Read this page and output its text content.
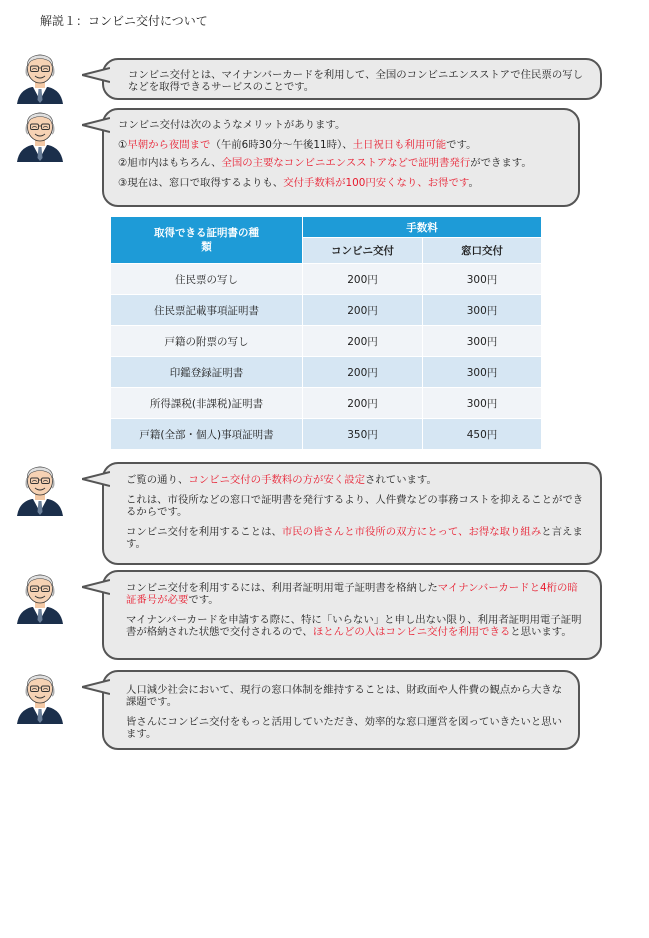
解説１：コンビニ交付について

コンビニ交付とは、マイナンバーカードを利用して、全国のコンビニエンスストアで住民票の写しなどを取得できるサービスのことです。

コンビニ交付は次のようなメリットがあります。

①早朝から夜間まで（午前6時30分～午後11時）、土日祝日も利用可能です。

②旭市内はもちろん、全国の主要なコンビニエンスストアなどで証明書発行ができます。

③現在は、窓口で取得するよりも、交付手数料が100円安くなり、お得です。

取得できる証明書の種類	手数料	
	コンビニ交付	窓口交付
住民票の写し	200円	300円
住民票記載事項証明書	200円	300円
戸籍の附票の写し	200円	300円
印鑑登録証明書	200円	300円
所得課税(非課税)証明書	200円	300円
戸籍(全部・個人)事項証明書	350円	450円

ご覧の通り、コンビニ交付の手数料の方が安く設定されています。

これは、市役所などの窓口で証明書を発行するより、人件費などの事務コストを抑えることができるからです。

コンビニ交付を利用することは、市民の皆さんと市役所の双方にとって、お得な取り組みと言えます。

コンビニ交付を利用するには、利用者証明用電子証明書を格納したマイナンバーカードと4桁の暗証番号が必要です。

マイナンバーカードを申請する際に、特に「いらない」と申し出ない限り、利用者証明用電子証明書が格納された状態で交付されるので、ほとんどの人はコンビニ交付を利用できると思います。

人口減少社会において、現行の窓口体制を維持することは、財政面や人件費の観点から大きな課題です。

皆さんにコンビニ交付をもっと活用していただき、効率的な窓口運営を図っていきたいと思います。
